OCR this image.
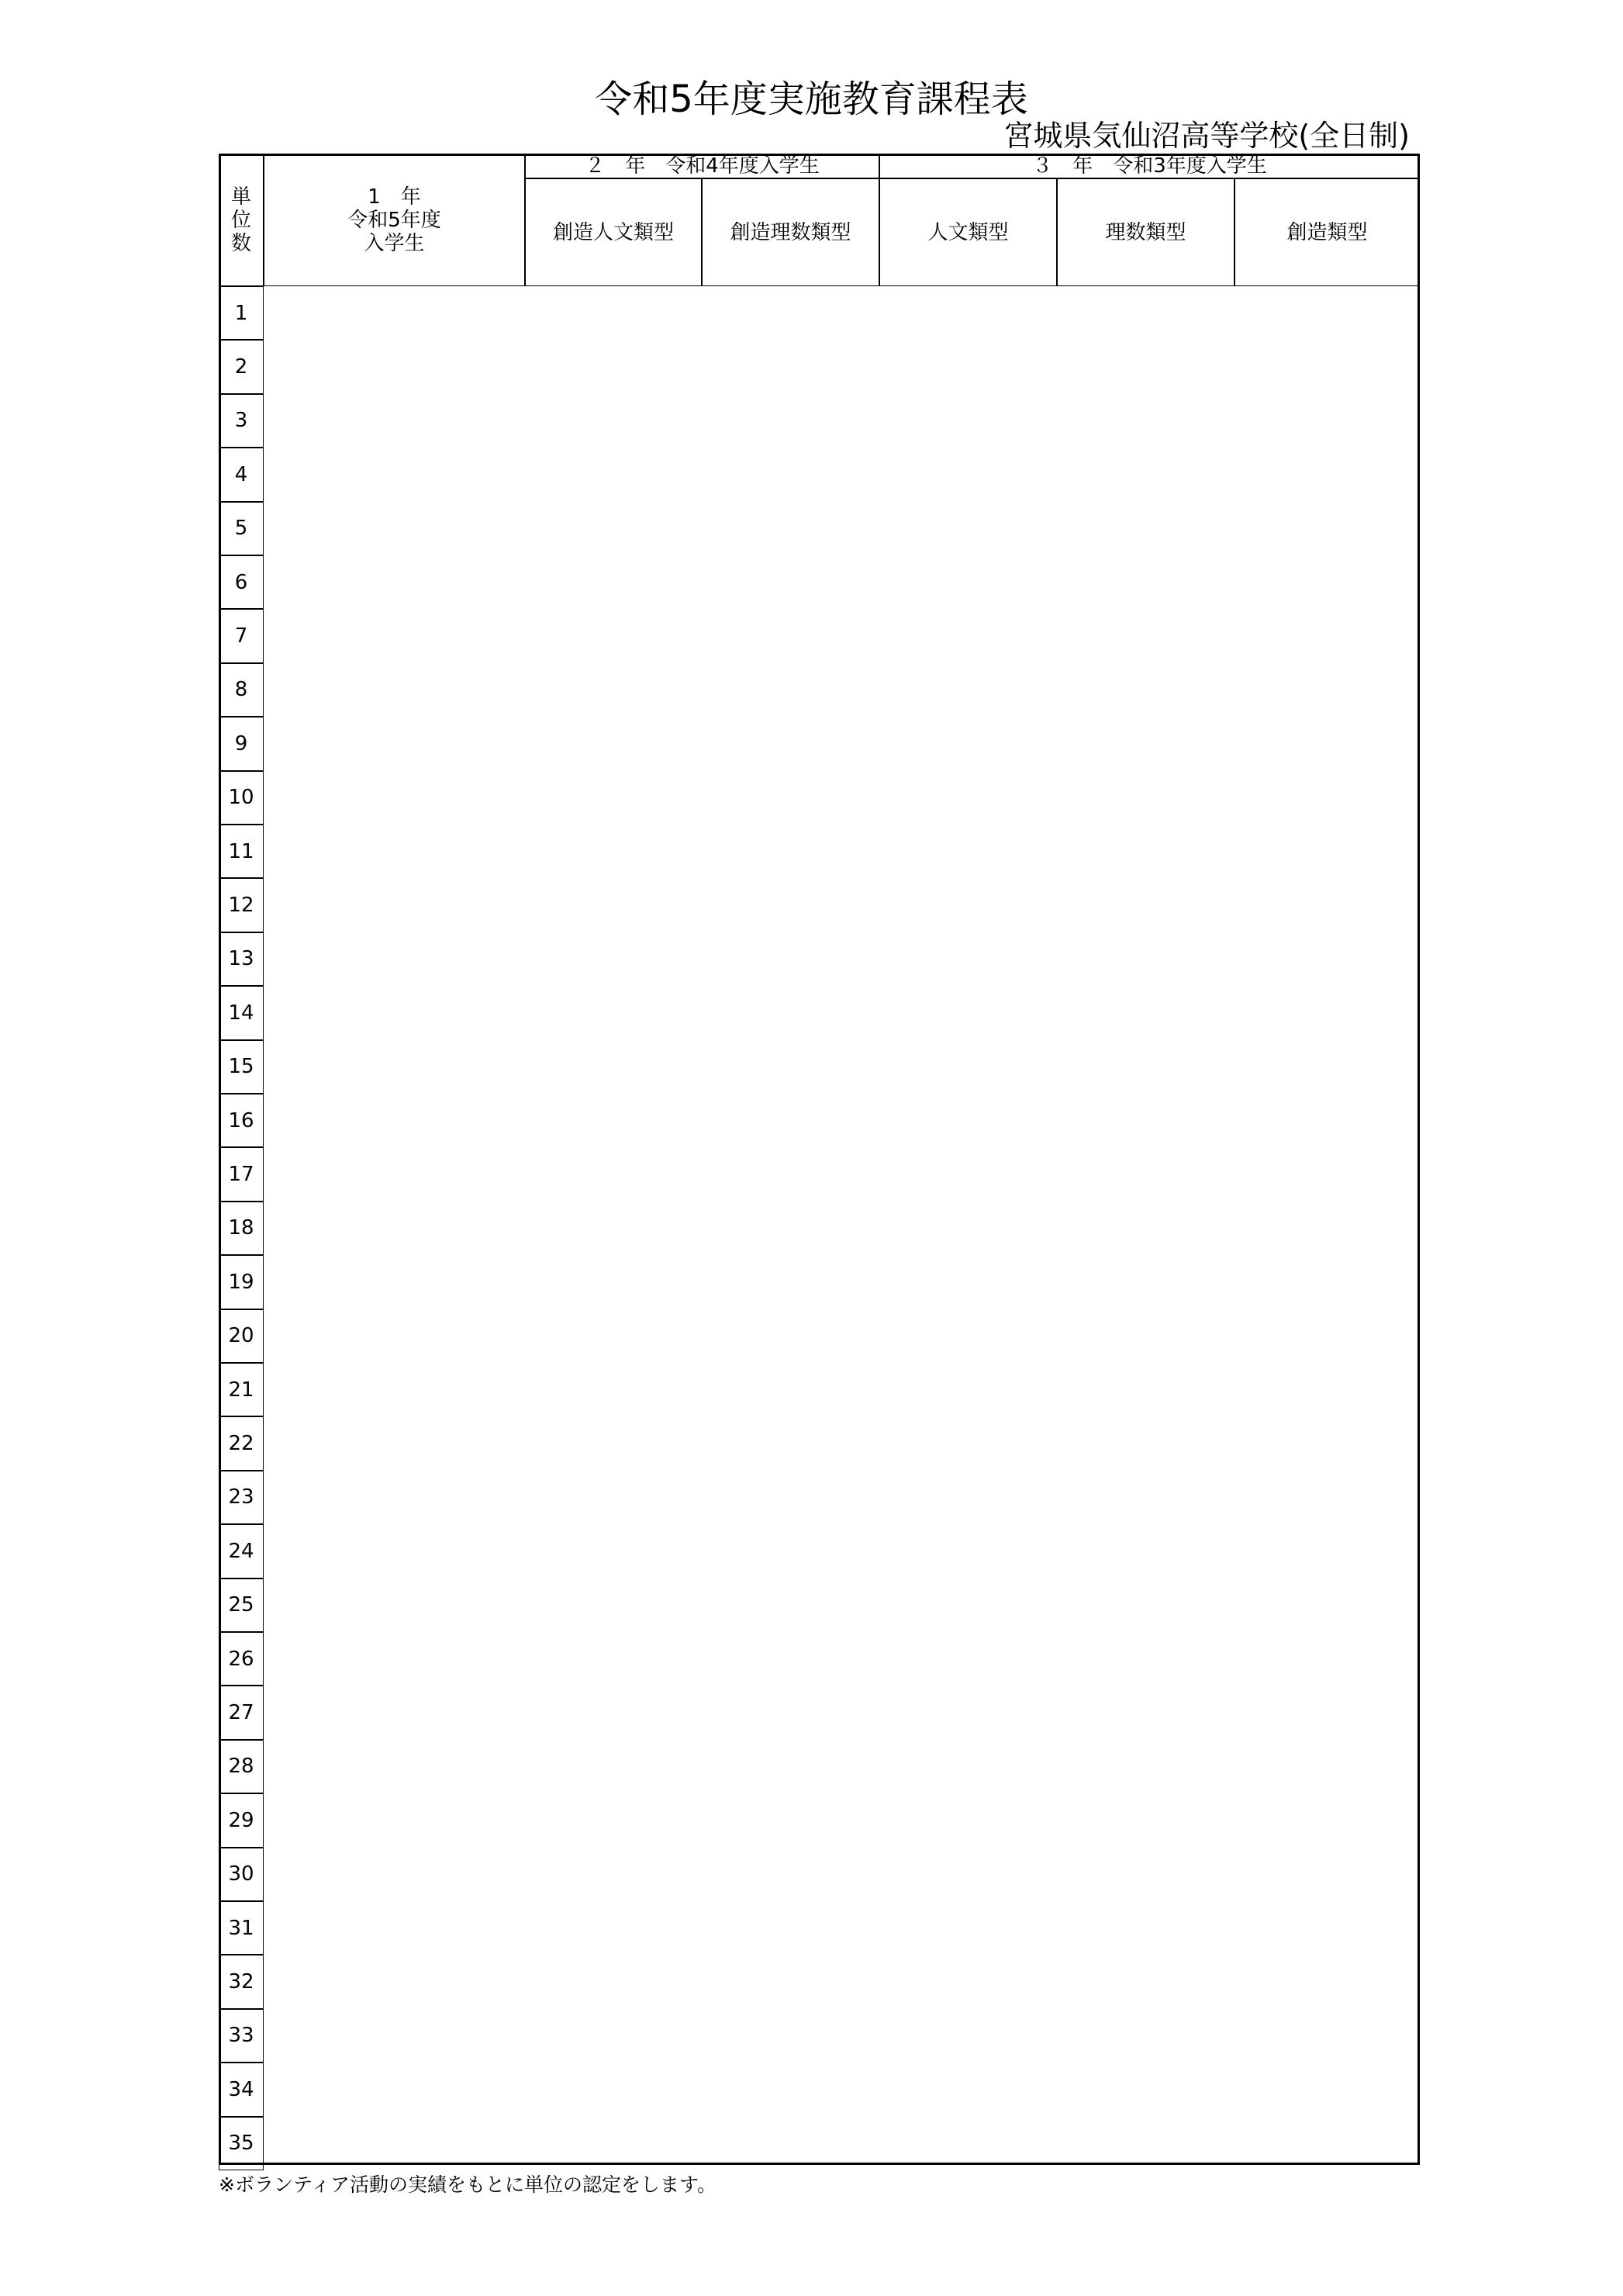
令和5年度実施教育課程表
宮城県気仙沼高等学校(全日制)
単
位
数
1　年
令和5年度
入学生
２　年　令和4年度入学生	３　年　令和3年度入学生
創造人文類型	創造理数類型	人文類型	理数類型	創造類型
1
2
3
4
5
6
7
8
9
10
11
12
13
14
15
16
17
18
19
20
21
22
23
24
25
26
27
28
29
30
31
32
33
34
35
※ボランティア活動の実績をもとに単位の認定をします。
